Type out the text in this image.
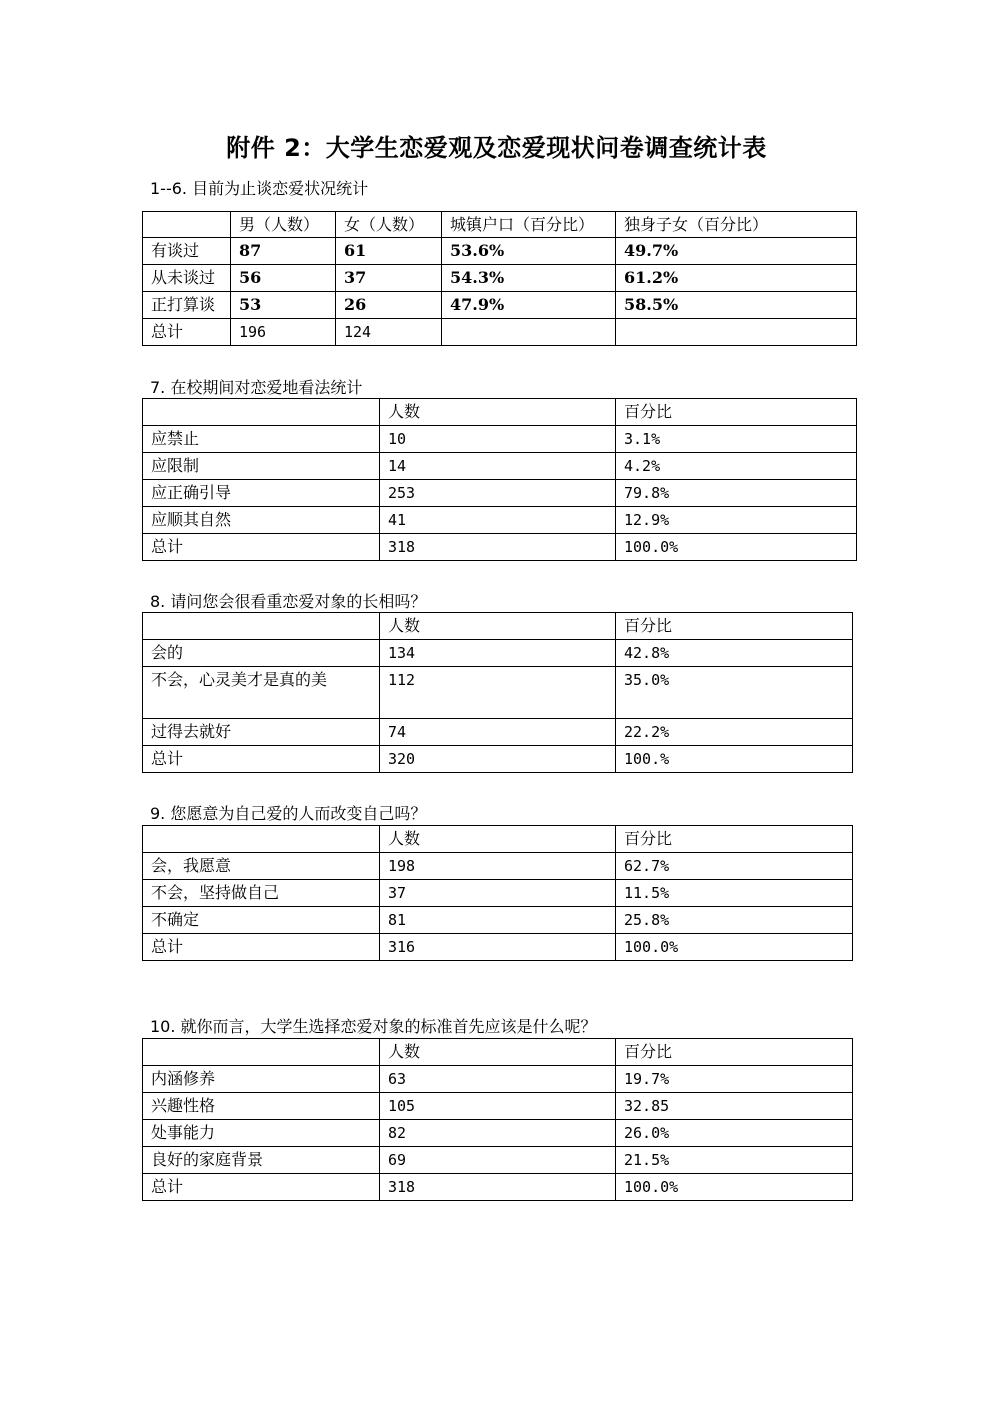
附件 2：大学生恋爱观及恋爱现状问卷调查统计表
1--6. 目前为止谈恋爱状况统计
	男（人数）	女（人数）	城镇户口（百分比）	独身子女（百分比）
有谈过	87	61	53.6%	49.7%
从未谈过	56	37	54.3%	61.2%
正打算谈	53	26	47.9%	58.5%
总计	196	124		
7. 在校期间对恋爱地看法统计
	人数	百分比
应禁止	10	3.1%
应限制	14	4.2%
应正确引导	253	79.8%
应顺其自然	41	12.9%
总计	318	100.0%
8. 请问您会很看重恋爱对象的长相吗？
	人数	百分比
会的	134	42.8%
不会，心灵美才是真的美	112	35.0%
过得去就好	74	22.2%
总计	320	100.%
9. 您愿意为自己爱的人而改变自己吗？
	人数	百分比
会，我愿意	198	62.7%
不会，坚持做自己	37	11.5%
不确定	81	25.8%
总计	316	100.0%
10. 就你而言，大学生选择恋爱对象的标准首先应该是什么呢？
	人数	百分比
内涵修养	63	19.7%
兴趣性格	105	32.85
处事能力	82	26.0%
良好的家庭背景	69	21.5%
总计	318	100.0%
